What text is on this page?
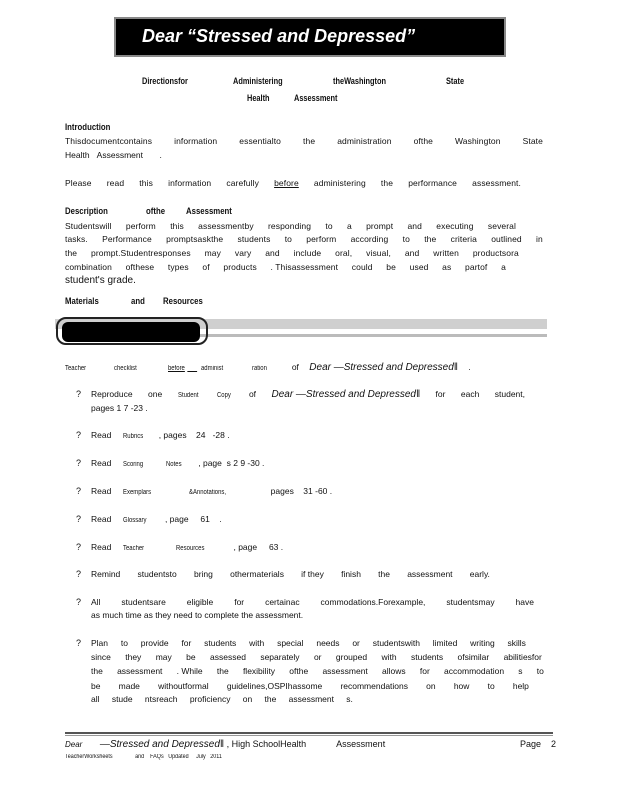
Dear “Stressed and Depressed”
Directionsfor	Administering	theWashington	State
Health	Assessment
Introduction
Thisdocumentcontains	information	essentialto	the	administration	ofthe	Washington	State
Health Assessment .
Please read this information carefully before administering the performance assessment.
Description	ofthe Assessment
Studentswill perform this assessmentby responding to a prompt and executing several
tasks. Performance promptsaskthe students to perform according to the criteria outlined in
the prompt.Studentresponses may vary and include oral, visual, and written productsora
combination ofthese types of products . Thisassessment could be used as partof a
student's grade.
Materials	and Resources
Teacher	checklist	before administ	ration	of Dear —Stressed and Depressed‖ .
?	Reproduce one Student	Copy of Dear —Stressed and Depressed‖ for each student,
pages 1 7 -23 .
?	Read Rubrics , pages 24 -28 .
?	Read Scoring	Notes , page s 2 9 -30 .
?	Read Exemplars	&Annotations,	pages 31 -60 .
?	Read Glossary , page 61 .
?	Read Teacher	Resources	, page 63 .
?	Remind studentsto bring othermaterials if they finish the assessment early.
?	All studentsare eligible for certainac commodations.Forexample, studentsmay have
as much time as they need to complete the assessment.
?	Plan to provide for students with special needs or studentswith limited writing skills
since they may be assessed separately or grouped with students ofsimilar abilitiesfor
the assessment . While the flexibility ofthe assessment allows for accommodation s to
be made withoutformal guidelines,OSPIhassome recommendations on how to help
all stude ntsreach proficiency on the assessment s.
Dear —Stressed and Depressed‖ , High SchoolHealth	Assessment	Page 2
TeacherWorksheets	and FAQs Updated July 2011
